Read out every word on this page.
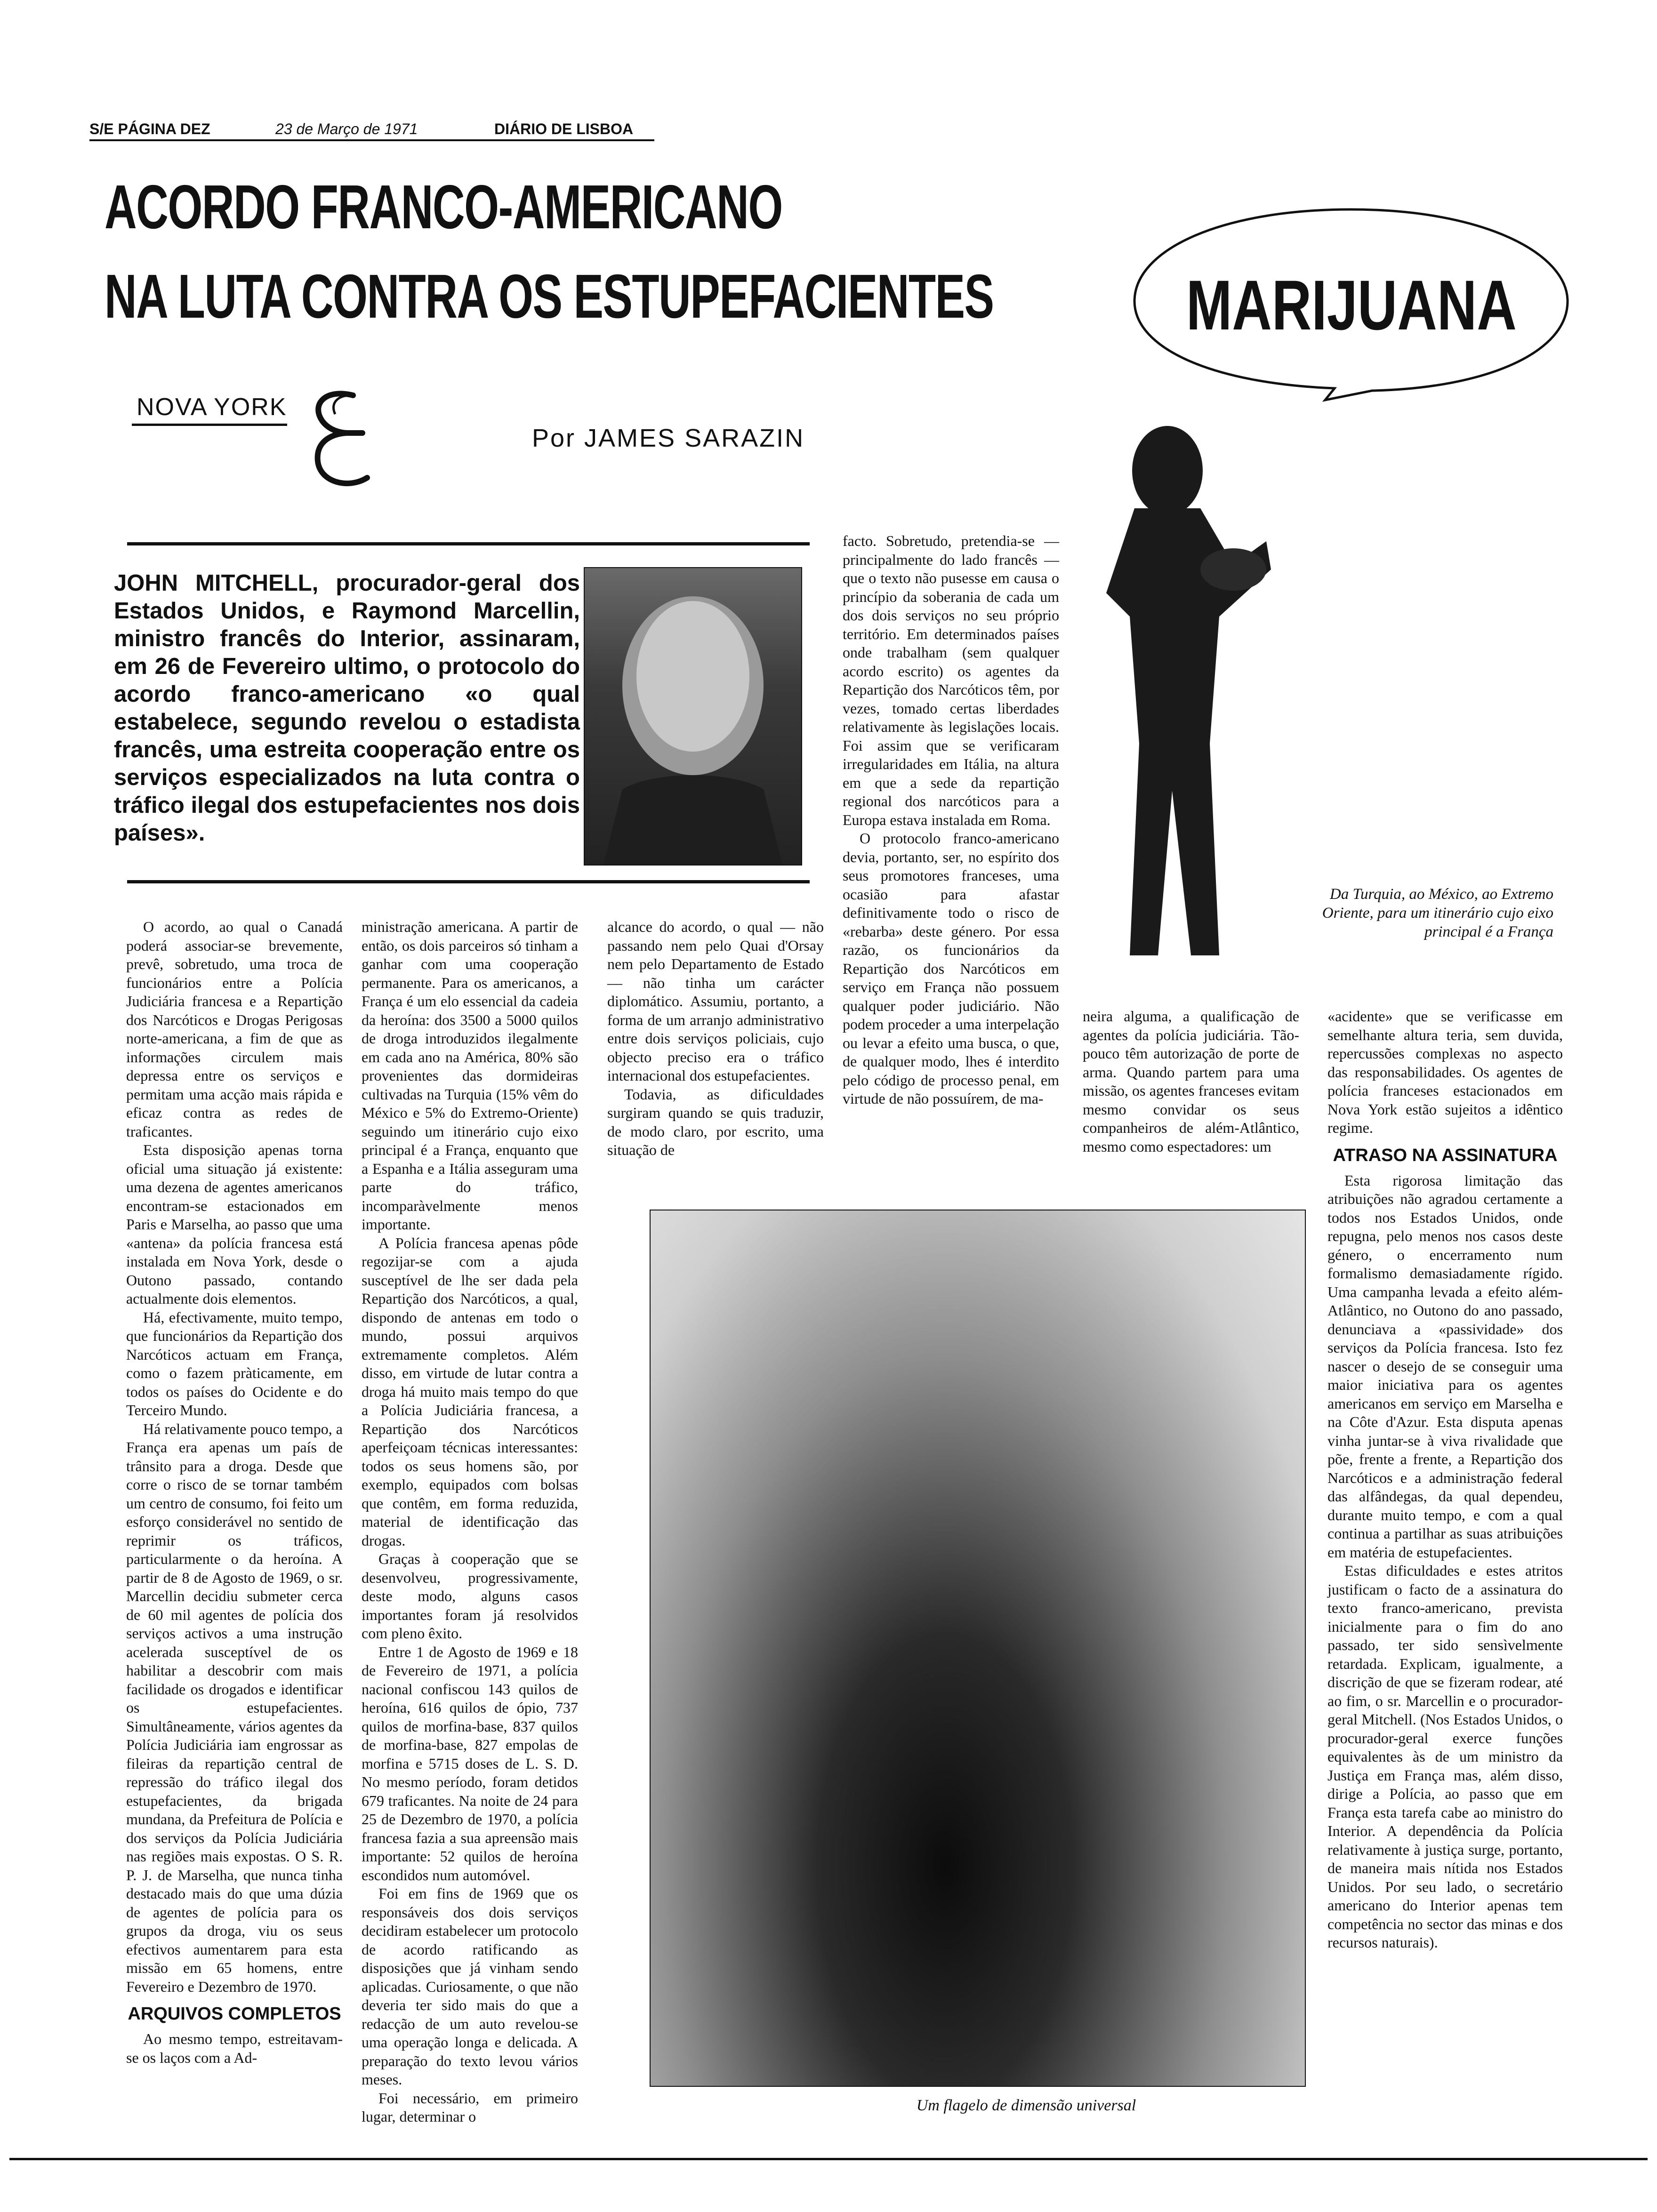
S/E PÁGINA DEZ	23 de Março de 1971	DIÁRIO DE LISBOA
ACORDO FRANCO-AMERICANO
NA LUTA CONTRA OS ESTUPEFACIENTES
NOVA YORK
Por JAMES SARAZIN
MARIJUANA
Da Turquia, ao México, ao Extremo Oriente, para um itinerário cujo eixo principal é a França
JOHN MITCHELL, procurador-geral dos Estados Unidos, e Raymond Marcellin, ministro francês do Interior, assinaram, em 26 de Fevereiro ultimo, o protocolo do acordo franco-americano «o qual estabelece, segundo revelou o estadista francês, uma estreita cooperação entre os serviços especializados na luta contra o tráfico ilegal dos estupefacientes nos dois países».

O acordo, ao qual o Canadá poderá associar-se brevemente, prevê, sobretudo, uma troca de funcionários entre a Polícia Judiciária francesa e a Repartição dos Narcóticos e Drogas Perigosas norte-americana, a fim de que as informações circulem mais depressa entre os serviços e permitam uma acção mais rápida e eficaz contra as redes de traficantes.

Esta disposição apenas torna oficial uma situação já existente: uma dezena de agentes americanos encontram-se estacionados em Paris e Marselha, ao passo que uma «antena» da polícia francesa está instalada em Nova York, desde o Outono passado, contando actualmente dois elementos.

Há, efectivamente, muito tempo, que funcionários da Repartição dos Narcóticos actuam em França, como o fazem pràticamente, em todos os países do Ocidente e do Terceiro Mundo.

Há relativamente pouco tempo, a França era apenas um país de trânsito para a droga. Desde que corre o risco de se tornar também um centro de consumo, foi feito um esforço considerável no sentido de reprimir os tráficos, particularmente o da heroína. A partir de 8 de Agosto de 1969, o sr. Marcellin decidiu submeter cerca de 60 mil agentes de polícia dos serviços activos a uma instrução acelerada susceptível de os habilitar a descobrir com mais facilidade os drogados e identificar os estupefacientes. Simultâneamente, vários agentes da Polícia Judiciária iam engrossar as fileiras da repartição central de repressão do tráfico ilegal dos estupefacientes, da brigada mundana, da Prefeitura de Polícia e dos serviços da Polícia Judiciária nas regiões mais expostas. O S. R. P. J. de Marselha, que nunca tinha destacado mais do que uma dúzia de agentes de polícia para os grupos da droga, viu os seus efectivos aumentarem para esta missão em 65 homens, entre Fevereiro e Dezembro de 1970.

ARQUIVOS COMPLETOS

Ao mesmo tempo, estreitavam-se os laços com a Ad-

ministração americana. A partir de então, os dois parceiros só tinham a ganhar com uma cooperação permanente. Para os americanos, a França é um elo essencial da cadeia da heroína: dos 3500 a 5000 quilos de droga introduzidos ilegalmente em cada ano na América, 80% são provenientes das dormideiras cultivadas na Turquia (15% vêm do México e 5% do Extremo-Oriente) seguindo um itinerário cujo eixo principal é a França, enquanto que a Espanha e a Itália asseguram uma parte do tráfico, incomparàvelmente menos importante.

A Polícia francesa apenas pôde regozijar-se com a ajuda susceptível de lhe ser dada pela Repartição dos Narcóticos, a qual, dispondo de antenas em todo o mundo, possui arquivos extremamente completos. Além disso, em virtude de lutar contra a droga há muito mais tempo do que a Polícia Judiciária francesa, a Repartição dos Narcóticos aperfeiçoam técnicas interessantes: todos os seus homens são, por exemplo, equipados com bolsas que contêm, em forma reduzida, material de identificação das drogas.

Graças à cooperação que se desenvolveu, progressivamente, deste modo, alguns casos importantes foram já resolvidos com pleno êxito.

Entre 1 de Agosto de 1969 e 18 de Fevereiro de 1971, a polícia nacional confiscou 143 quilos de heroína, 616 quilos de ópio, 737 quilos de morfina-base, 837 quilos de morfina-base, 827 empolas de morfina e 5715 doses de L. S. D. No mesmo período, foram detidos 679 traficantes. Na noite de 24 para 25 de Dezembro de 1970, a polícia francesa fazia a sua apreensão mais importante: 52 quilos de heroína escondidos num automóvel.

Foi em fins de 1969 que os responsáveis dos dois serviços decidiram estabelecer um protocolo de acordo ratificando as disposições que já vinham sendo aplicadas. Curiosamente, o que não deveria ter sido mais do que a redacção de um auto revelou-se uma operação longa e delicada. A preparação do texto levou vários meses.

Foi necessário, em primeiro lugar, determinar o

alcance do acordo, o qual — não passando nem pelo Quai d'Orsay nem pelo Departamento de Estado — não tinha um carácter diplomático. Assumiu, portanto, a forma de um arranjo administrativo entre dois serviços policiais, cujo objecto preciso era o tráfico internacional dos estupefacientes.

Todavia, as dificuldades surgiram quando se quis traduzir, de modo claro, por escrito, uma situação de

facto. Sobretudo, pretendia-se — principalmente do lado francês — que o texto não pusesse em causa o princípio da soberania de cada um dos dois serviços no seu próprio território. Em determinados países onde trabalham (sem qualquer acordo escrito) os agentes da Repartição dos Narcóticos têm, por vezes, tomado certas liberdades relativamente às legislações locais. Foi assim que se verificaram irregularidades em Itália, na altura em que a sede da repartição regional dos narcóticos para a Europa estava instalada em Roma.

O protocolo franco-americano devia, portanto, ser, no espírito dos seus promotores franceses, uma ocasião para afastar definitivamente todo o risco de «rebarba» deste género. Por essa razão, os funcionários da Repartição dos Narcóticos em serviço em França não possuem qualquer poder judiciário. Não podem proceder a uma interpelação ou levar a efeito uma busca, o que, de qualquer modo, lhes é interdito pelo código de processo penal, em virtude de não possuírem, de ma-

neira alguma, a qualificação de agentes da polícia judiciária. Tão-pouco têm autorização de porte de arma. Quando partem para uma missão, os agentes franceses evitam mesmo convidar os seus companheiros de além-Atlântico, mesmo como espectadores: um

Um flagelo de dimensão universal

«acidente» que se verificasse em semelhante altura teria, sem duvida, repercussões complexas no aspecto das responsabilidades. Os agentes de polícia franceses estacionados em Nova York estão sujeitos a idêntico regime.

ATRASO NA ASSINATURA

Esta rigorosa limitação das atribuições não agradou certamente a todos nos Estados Unidos, onde repugna, pelo menos nos casos deste género, o encerramento num formalismo demasiadamente rígido. Uma campanha levada a efeito além-Atlântico, no Outono do ano passado, denunciava a «passividade» dos serviços da Polícia francesa. Isto fez nascer o desejo de se conseguir uma maior iniciativa para os agentes americanos em serviço em Marselha e na Côte d'Azur. Esta disputa apenas vinha juntar-se à viva rivalidade que põe, frente a frente, a Repartição dos Narcóticos e a administração federal das alfândegas, da qual dependeu, durante muito tempo, e com a qual continua a partilhar as suas atribuições em matéria de estupefacientes.

Estas dificuldades e estes atritos justificam o facto de a assinatura do texto franco-americano, prevista inicialmente para o fim do ano passado, ter sido sensìvelmente retardada. Explicam, igualmente, a discrição de que se fizeram rodear, até ao fim, o sr. Marcellin e o procurador-geral Mitchell. (Nos Estados Unidos, o procurador-geral exerce funções equivalentes às de um ministro da Justiça em França mas, além disso, dirige a Polícia, ao passo que em França esta tarefa cabe ao ministro do Interior. A dependência da Polícia relativamente à justiça surge, portanto, de maneira mais nítida nos Estados Unidos. Por seu lado, o secretário americano do Interior apenas tem competência no sector das minas e dos recursos naturais).
